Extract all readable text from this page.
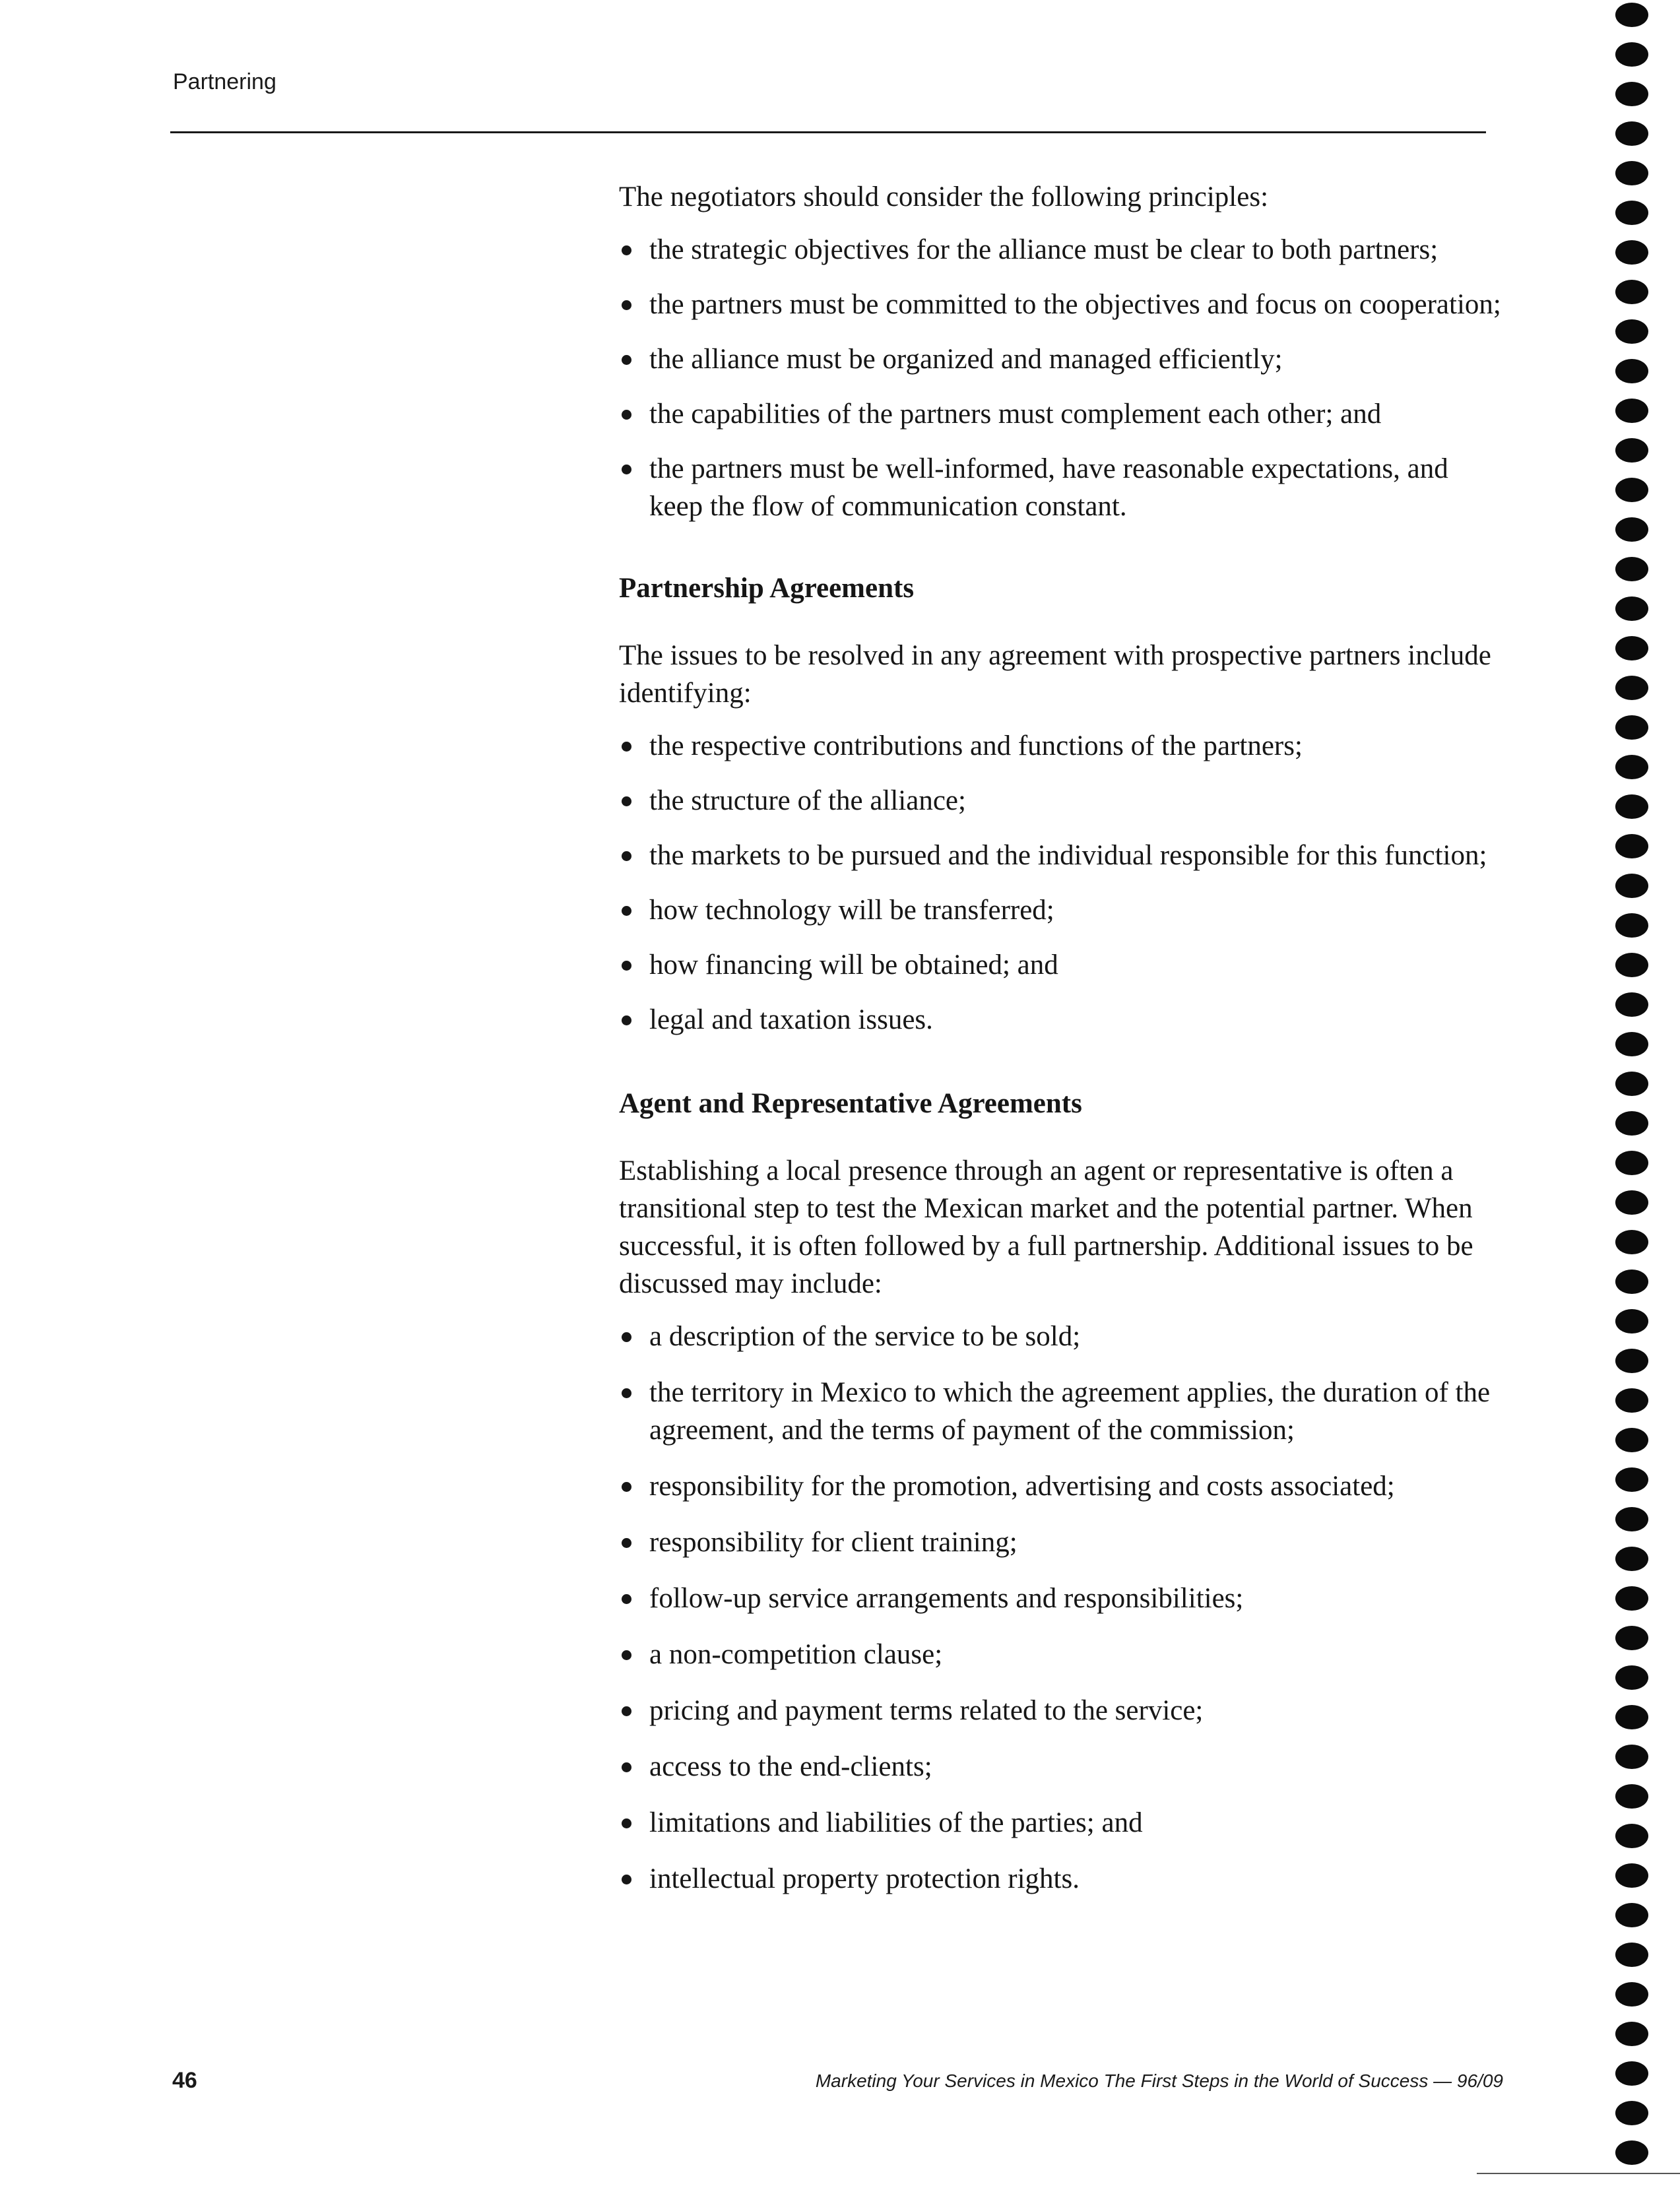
Partnering

The negotiators should consider the following principles:

the strategic objectives for the alliance must be clear to both partners;
the partners must be committed to the objectives and focus on cooperation;
the alliance must be organized and managed efficiently;
the capabilities of the partners must complement each other; and
the partners must be well-informed, have reasonable expectations, and keep the flow of communication constant.
Partnership Agreements

The issues to be resolved in any agreement with prospective partners include identifying:

the respective contributions and functions of the partners;
the structure of the alliance;
the markets to be pursued and the individual responsible for this function;
how technology will be transferred;
how financing will be obtained; and
legal and taxation issues.
Agent and Representative Agreements

Establishing a local presence through an agent or representative is often a transitional step to test the Mexican market and the potential partner. When successful, it is often followed by a full partnership. Additional issues to be discussed may include:

a description of the service to be sold;
the territory in Mexico to which the agreement applies, the duration of the agreement, and the terms of payment of the commission;
responsibility for the promotion, advertising and costs associated;
responsibility for client training;
follow-up service arrangements and responsibilities;
a non-competition clause;
pricing and payment terms related to the service;
access to the end-clients;
limitations and liabilities of the parties; and
intellectual property protection rights.
46	Marketing Your Services in Mexico The First Steps in the World of Success — 96/09
